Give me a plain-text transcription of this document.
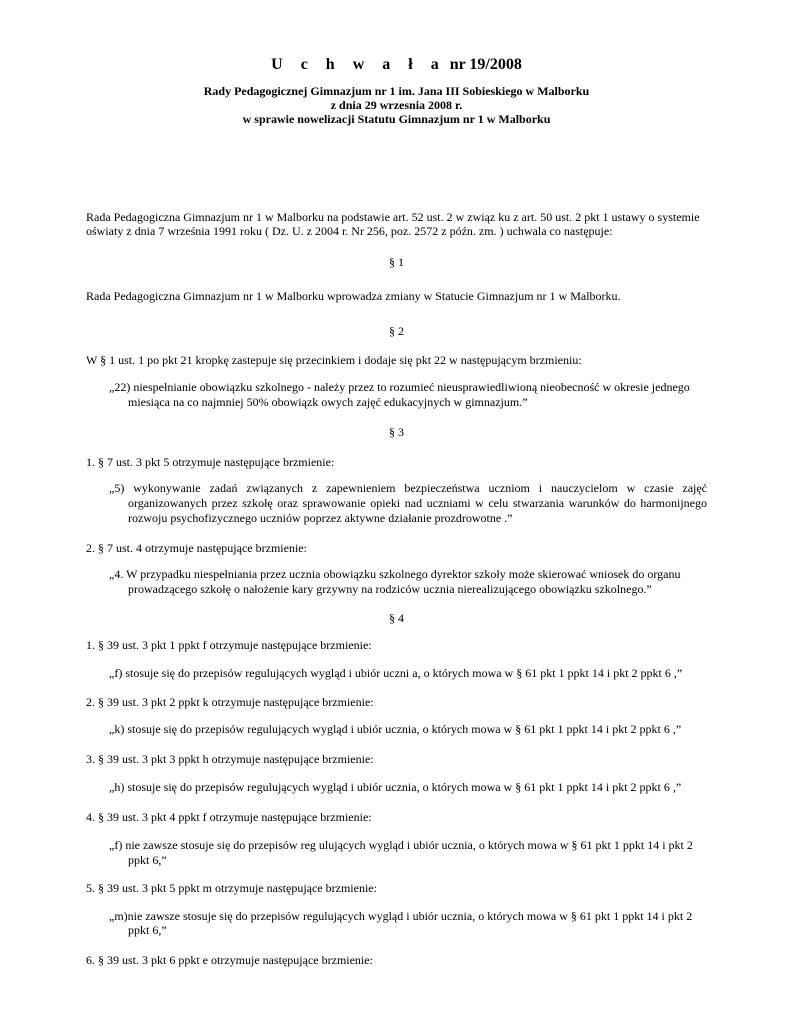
U c h w a ł a nr 19/2008
Rady Pedagogicznej Gimnazjum nr 1 im. Jana III Sobieskiego w Malborku
z dnia 29 wrzesnia 2008 r.
w sprawie nowelizacji Statutu Gimnazjum nr 1 w Malborku
Rada Pedagogiczna Gimnazjum nr 1 w Malborku na podstawie art. 52 ust. 2 w związ ku z art. 50 ust. 2 pkt 1 ustawy o systemie
oświaty z dnia 7 września 1991 roku ( Dz. U. z 2004 r. Nr 256, poz. 2572 z późn. zm. ) uchwala co następuje:
§ 1
Rada Pedagogiczna Gimnazjum nr 1 w Malborku wprowadza zmiany w Statucie Gimnazjum nr 1 w Malborku.
§ 2
W § 1 ust. 1 po pkt 21 kropkę zastepuje się przecinkiem i dodaje się pkt 22 w następującym brzmieniu:
„22) niespełnianie obowiązku szkolnego - należy przez to rozumieć nieusprawiedliwioną nieobecność w okresie jednego
miesiąca na co najmniej 50% obowiązk owych zajęć edukacyjnych w gimnazjum.”
§ 3
1. § 7 ust. 3 pkt 5 otrzymuje następujące brzmienie:
„5) wykonywanie zadań związanych z zapewnieniem bezpieczeństwa uczniom i nauczycielom w czasie zajęć
organizowanych przez szkołę oraz sprawowanie opieki nad uczniami w celu stwarzania warunków do harmonijnego
rozwoju psychofizycznego uczniów poprzez aktywne działanie prozdrowotne .”
2. § 7 ust. 4 otrzymuje następujące brzmienie:
„4. W przypadku niespełniania przez ucznia obowiązku szkolnego dyrektor szkoły może skierować wniosek do organu
prowadzącego szkołę o nałożenie kary grzywny na rodziców ucznia nierealizującego obowiązku szkolnego.”
§ 4
1. § 39 ust. 3 pkt 1 ppkt f otrzymuje następujące brzmienie:
„f) stosuje się do przepisów regulujących wygląd i ubiór uczni a, o których mowa w § 61 pkt 1 ppkt 14 i pkt 2 ppkt 6 ,”
2. § 39 ust. 3 pkt 2 ppkt k otrzymuje następujące brzmienie:
„k) stosuje się do przepisów regulujących wygląd i ubiór ucznia, o których mowa w § 61 pkt 1 ppkt 14 i pkt 2 ppkt 6 ,”
3. § 39 ust. 3 pkt 3 ppkt h otrzymuje następujące brzmienie:
„h) stosuje się do przepisów regulujących wygląd i ubiór ucznia, o których mowa w § 61 pkt 1 ppkt 14 i pkt 2 ppkt 6 ,”
4. § 39 ust. 3 pkt 4 ppkt f otrzymuje następujące brzmienie:
„f) nie zawsze stosuje się do przepisów reg ulujących wygląd i ubiór ucznia, o których mowa w § 61 pkt 1 ppkt 14 i pkt 2
ppkt 6,”
5. § 39 ust. 3 pkt 5 ppkt m otrzymuje następujące brzmienie:
„m)nie zawsze stosuje się do przepisów regulujących wygląd i ubiór ucznia, o których mowa w § 61 pkt 1 ppkt 14 i pkt 2
ppkt 6,”
6. § 39 ust. 3 pkt 6 ppkt e otrzymuje następujące brzmienie:
